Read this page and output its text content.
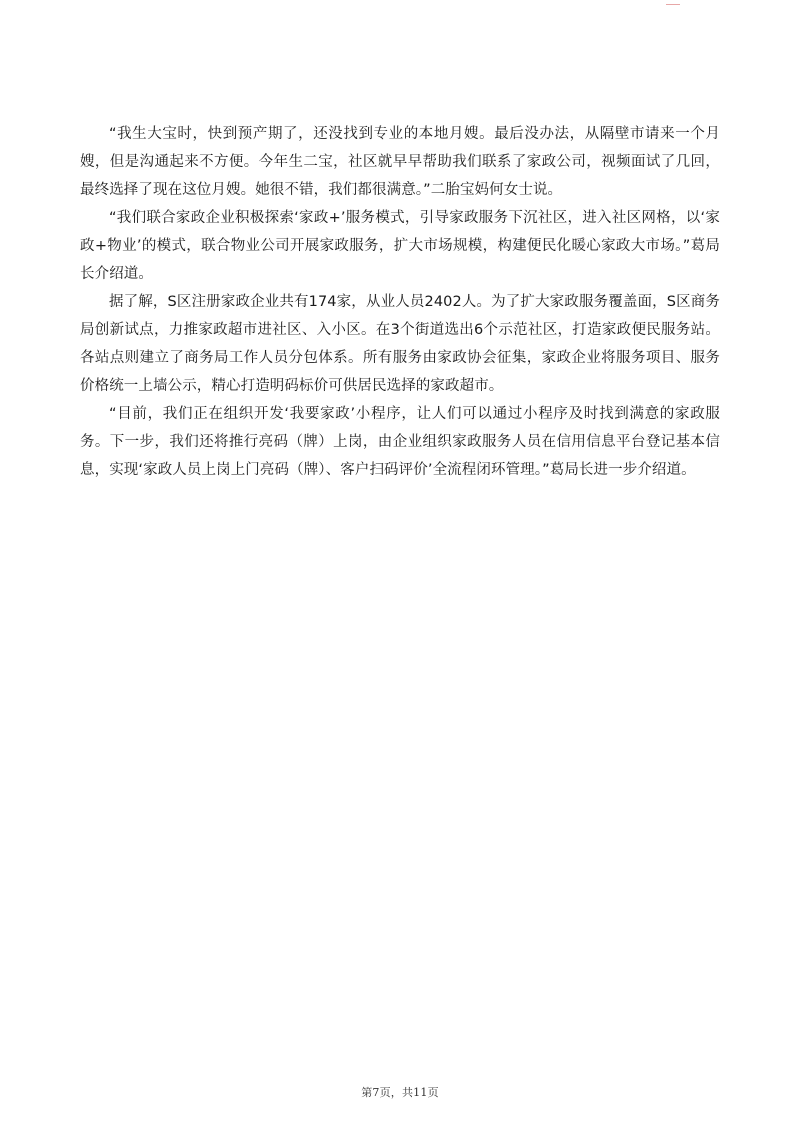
“我生大宝时，快到预产期了，还没找到专业的本地月嫂。最后没办法，从隔壁市请来一个月嫂，但是沟通起来不方便。今年生二宝，社区就早早帮助我们联系了家政公司，视频面试了几回，最终选择了现在这位月嫂。她很不错，我们都很满意。”二胎宝妈何女士说。

“我们联合家政企业积极探索‘家政+’服务模式，引导家政服务下沉社区，进入社区网格，以‘家政+物业’的模式，联合物业公司开展家政服务，扩大市场规模，构建便民化暖心家政大市场。”葛局长介绍道。

据了解，S区注册家政企业共有174家，从业人员2402人。为了扩大家政服务覆盖面，S区商务局创新试点，力推家政超市进社区、入小区。在3个街道选出6个示范社区，打造家政便民服务站。各站点则建立了商务局工作人员分包体系。所有服务由家政协会征集，家政企业将服务项目、服务价格统一上墙公示，精心打造明码标价可供居民选择的家政超市。

“目前，我们正在组织开发‘我要家政’小程序，让人们可以通过小程序及时找到满意的家政服务。下一步，我们还将推行亮码（牌）上岗，由企业组织家政服务人员在信用信息平台登记基本信息，实现‘家政人员上岗上门亮码（牌）、客户扫码评价’全流程闭环管理。”葛局长进一步介绍道。

第7页，共11页
